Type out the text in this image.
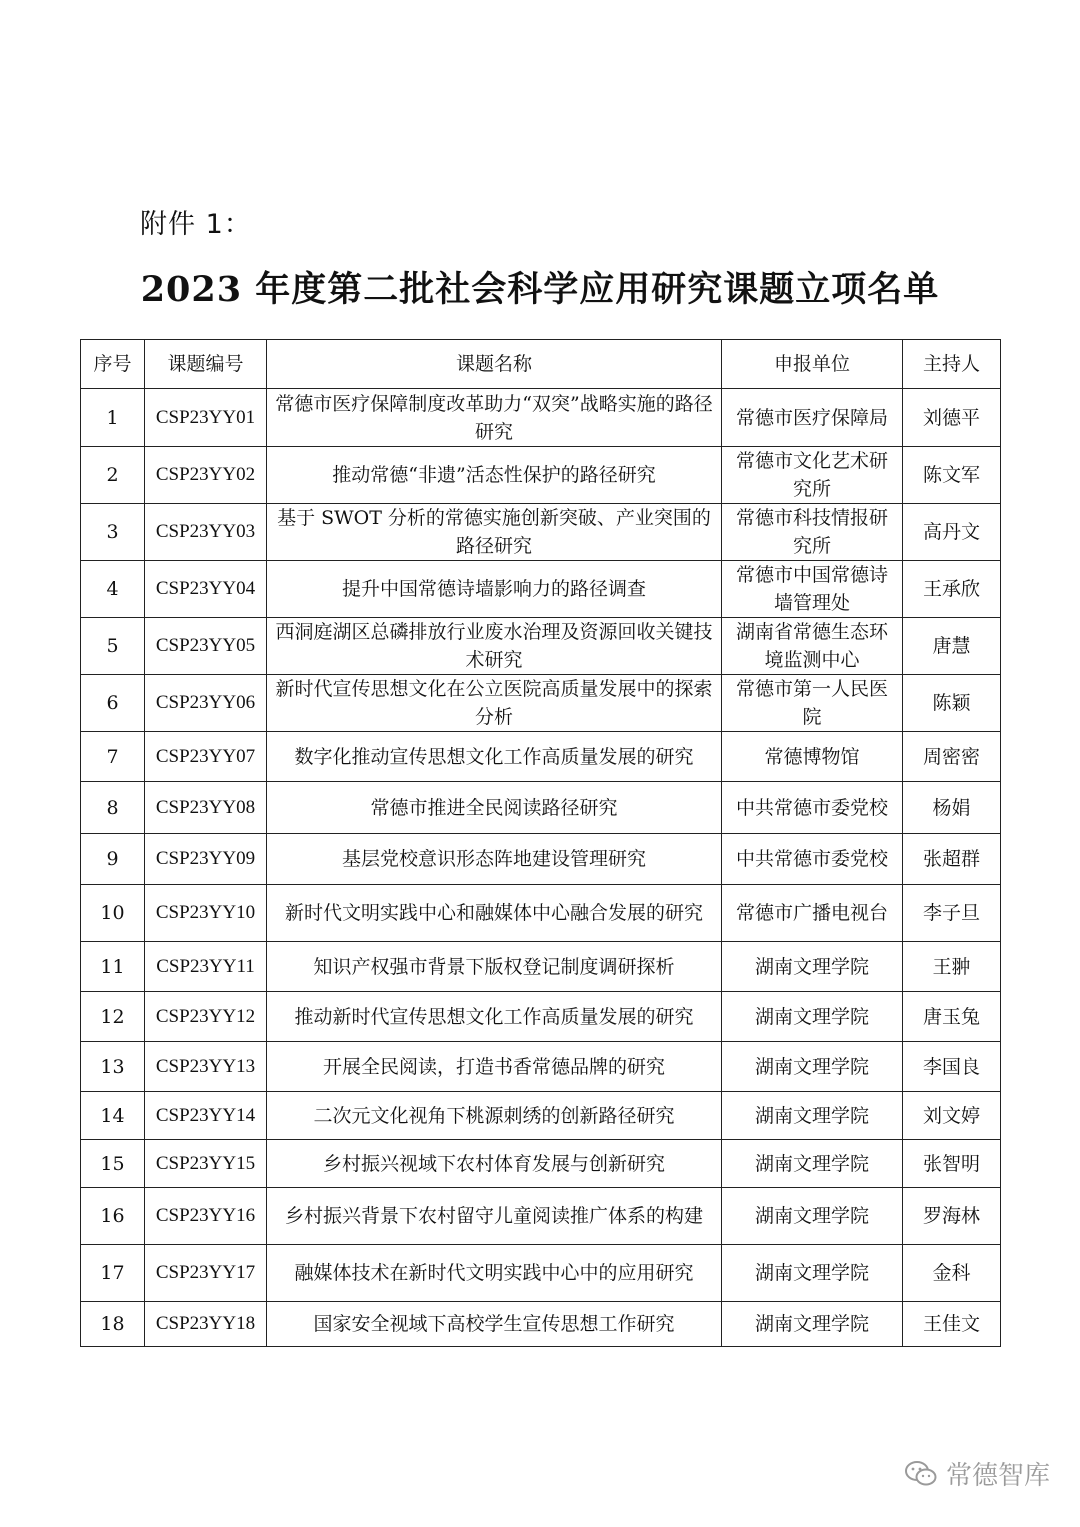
附件 1：
2023 年度第二批社会科学应用研究课题立项名单
序号	课题编号	课题名称	申报单位	主持人
1	CSP23YY01	常德市医疗保障制度改革助力“双突”战略实施的路径研究	常德市医疗保障局	刘德平
2	CSP23YY02	推动常德“非遗”活态性保护的路径研究	常德市文化艺术研究所	陈文军
3	CSP23YY03	基于 SWOT 分析的常德实施创新突破、产业突围的路径研究	常德市科技情报研究所	高丹文
4	CSP23YY04	提升中国常德诗墙影响力的路径调查	常德市中国常德诗墙管理处	王承欣
5	CSP23YY05	西洞庭湖区总磷排放行业废水治理及资源回收关键技术研究	湖南省常德生态环境监测中心	唐慧
6	CSP23YY06	新时代宣传思想文化在公立医院高质量发展中的探索分析	常德市第一人民医院	陈颖
7	CSP23YY07	数字化推动宣传思想文化工作高质量发展的研究	常德博物馆	周密密
8	CSP23YY08	常德市推进全民阅读路径研究	中共常德市委党校	杨娟
9	CSP23YY09	基层党校意识形态阵地建设管理研究	中共常德市委党校	张超群
10	CSP23YY10	新时代文明实践中心和融媒体中心融合发展的研究	常德市广播电视台	李子旦
11	CSP23YY11	知识产权强市背景下版权登记制度调研探析	湖南文理学院	王翀
12	CSP23YY12	推动新时代宣传思想文化工作高质量发展的研究	湖南文理学院	唐玉兔
13	CSP23YY13	开展全民阅读，打造书香常德品牌的研究	湖南文理学院	李国良
14	CSP23YY14	二次元文化视角下桃源刺绣的创新路径研究	湖南文理学院	刘文婷
15	CSP23YY15	乡村振兴视域下农村体育发展与创新研究	湖南文理学院	张智明
16	CSP23YY16	乡村振兴背景下农村留守儿童阅读推广体系的构建	湖南文理学院	罗海林
17	CSP23YY17	融媒体技术在新时代文明实践中心中的应用研究	湖南文理学院	金科
18	CSP23YY18	国家安全视域下高校学生宣传思想工作研究	湖南文理学院	王佳文
常德智库
